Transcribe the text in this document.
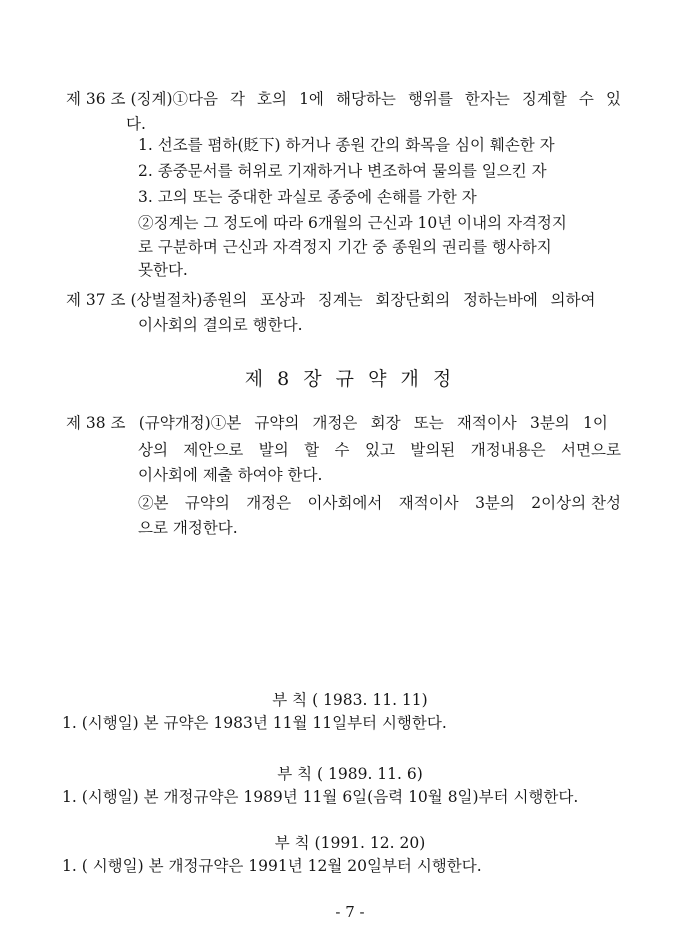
제 36 조 (징계)①다음 각 호의 1에 해당하는 행위를 한자는 징계할 수 있
다.
1. 선조를 폄하(貶下) 하거나 종원 간의 화목을 심이 훼손한 자
2. 종중문서를 허위로 기재하거나 변조하여 물의를 일으킨 자
3. 고의 또는 중대한 과실로 종중에 손해를 가한 자
②징계는 그 정도에 따라 6개월의 근신과 10년 이내의 자격정지
로 구분하며 근신과 자격정지 기간 중 종원의 권리를 행사하지
못한다.
제 37 조 (상벌절차)종원의 포상과 징계는 회장단회의 정하는바에 의하여
이사회의 결의로 행한다.
제 8 장 규 약 개 정
제 38 조 (규약개정)①본 규약의 개정은 회장 또는 재적이사 3분의 1이
상의 제안으로 발의 할 수 있고 발의된 개정내용은 서면으로
이사회에 제출 하여야 한다.
②본 규약의 개정은 이사회에서 재적이사 3분의 2이상의 찬성
으로 개정한다.
부 칙 ( 1983. 11. 11)
1. (시행일) 본 규약은 1983년 11월 11일부터 시행한다.
부 칙 ( 1989. 11. 6)
1. (시행일) 본 개정규약은 1989년 11월 6일(음력 10월 8일)부터 시행한다.
부 칙 (1991. 12. 20)
1. ( 시행일) 본 개정규약은 1991년 12월 20일부터 시행한다.
- 7 -
